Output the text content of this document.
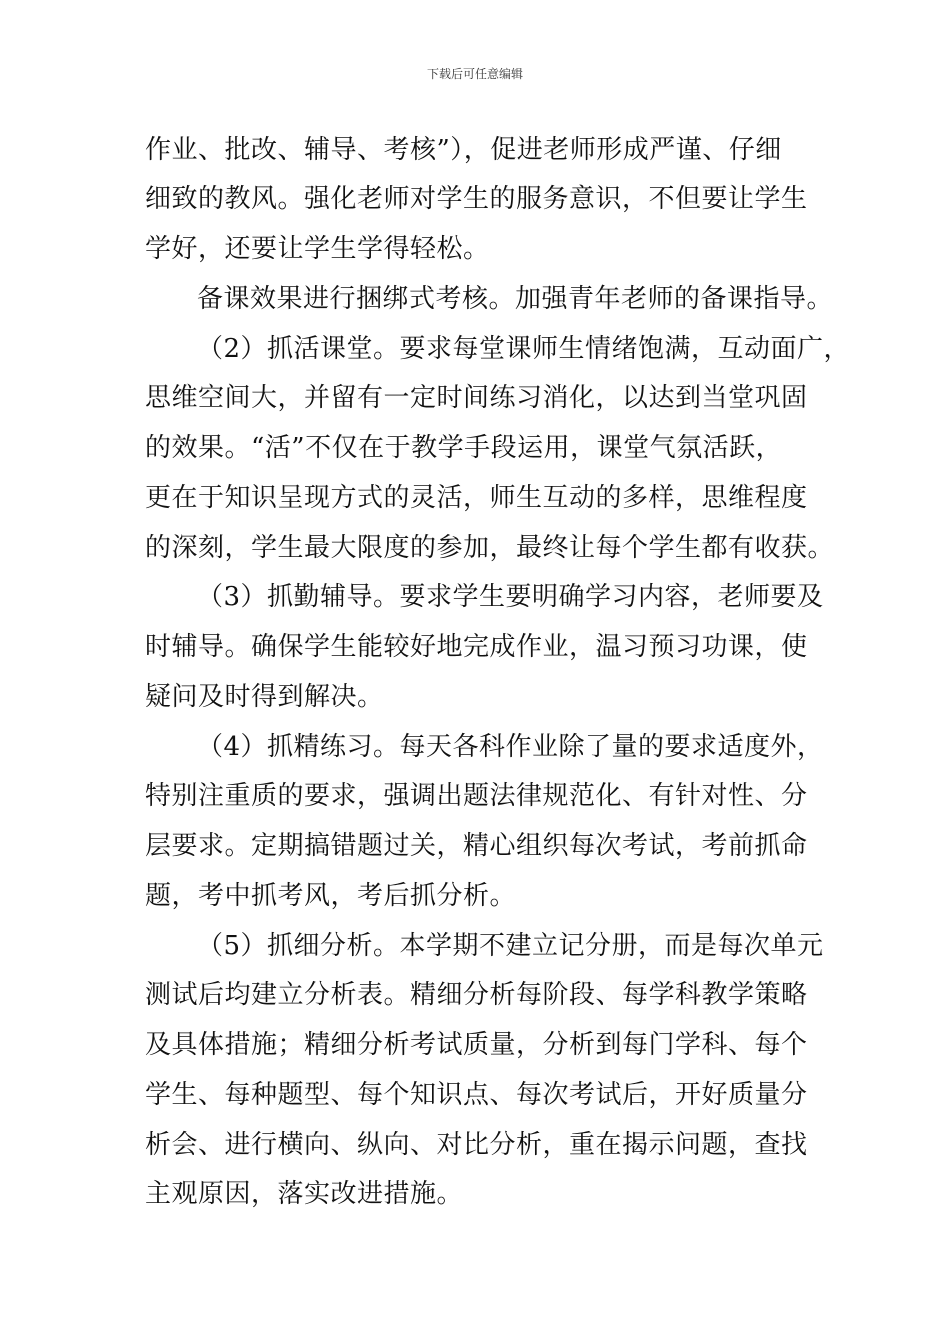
下载后可任意编辑
作业、批改、辅导、考核”），促进老师形成严谨、仔细
细致的教风。强化老师对学生的服务意识，不但要让学生
学好，还要让学生学得轻松。
备课效果进行捆绑式考核。加强青年老师的备课指导。
（2）抓活课堂。要求每堂课师生情绪饱满，互动面广，
思维空间大，并留有一定时间练习消化，以达到当堂巩固
的效果。“活”不仅在于教学手段运用，课堂气氛活跃，
更在于知识呈现方式的灵活，师生互动的多样，思维程度
的深刻，学生最大限度的参加，最终让每个学生都有收获。
（3）抓勤辅导。要求学生要明确学习内容，老师要及
时辅导。确保学生能较好地完成作业，温习预习功课，使
疑问及时得到解决。
（4）抓精练习。每天各科作业除了量的要求适度外，
特别注重质的要求，强调出题法律规范化、有针对性、分
层要求。定期搞错题过关，精心组织每次考试，考前抓命
题，考中抓考风，考后抓分析。
（5）抓细分析。本学期不建立记分册，而是每次单元
测试后均建立分析表。精细分析每阶段、每学科教学策略
及具体措施；精细分析考试质量，分析到每门学科、每个
学生、每种题型、每个知识点、每次考试后，开好质量分
析会、进行横向、纵向、对比分析，重在揭示问题，查找
主观原因，落实改进措施。
